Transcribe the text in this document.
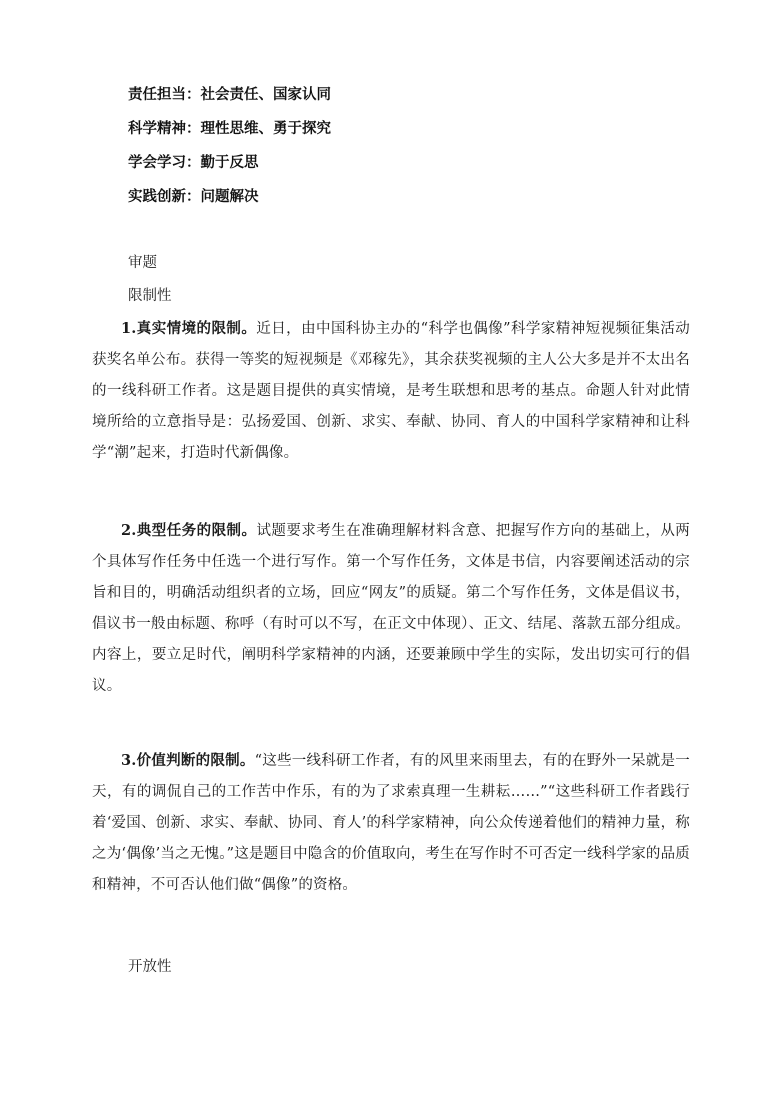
责任担当：社会责任、国家认同
科学精神：理性思维、勇于探究
学会学习：勤于反思
实践创新：问题解决
审题
限制性
1.真实情境的限制。近日，由中国科协主办的“科学也偶像”科学家精神短视频征集活动获奖名单公布。获得一等奖的短视频是《邓稼先》，其余获奖视频的主人公大多是并不太出名的一线科研工作者。这是题目提供的真实情境，是考生联想和思考的基点。命题人针对此情境所给的立意指导是：弘扬爱国、创新、求实、奉献、协同、育人的中国科学家精神和让科学“潮”起来，打造时代新偶像。
2.典型任务的限制。试题要求考生在准确理解材料含意、把握写作方向的基础上，从两个具体写作任务中任选一个进行写作。第一个写作任务，文体是书信，内容要阐述活动的宗旨和目的，明确活动组织者的立场，回应“网友”的质疑。第二个写作任务，文体是倡议书，倡议书一般由标题、称呼（有时可以不写，在正文中体现）、正文、结尾、落款五部分组成。内容上，要立足时代，阐明科学家精神的内涵，还要兼顾中学生的实际，发出切实可行的倡议。
3.价值判断的限制。“这些一线科研工作者，有的风里来雨里去，有的在野外一呆就是一天，有的调侃自己的工作苦中作乐，有的为了求索真理一生耕耘……”“这些科研工作者践行着‘爱国、创新、求实、奉献、协同、育人’的科学家精神，向公众传递着他们的精神力量，称之为‘偶像’当之无愧。”这是题目中隐含的价值取向，考生在写作时不可否定一线科学家的品质和精神，不可否认他们做“偶像”的资格。
开放性
